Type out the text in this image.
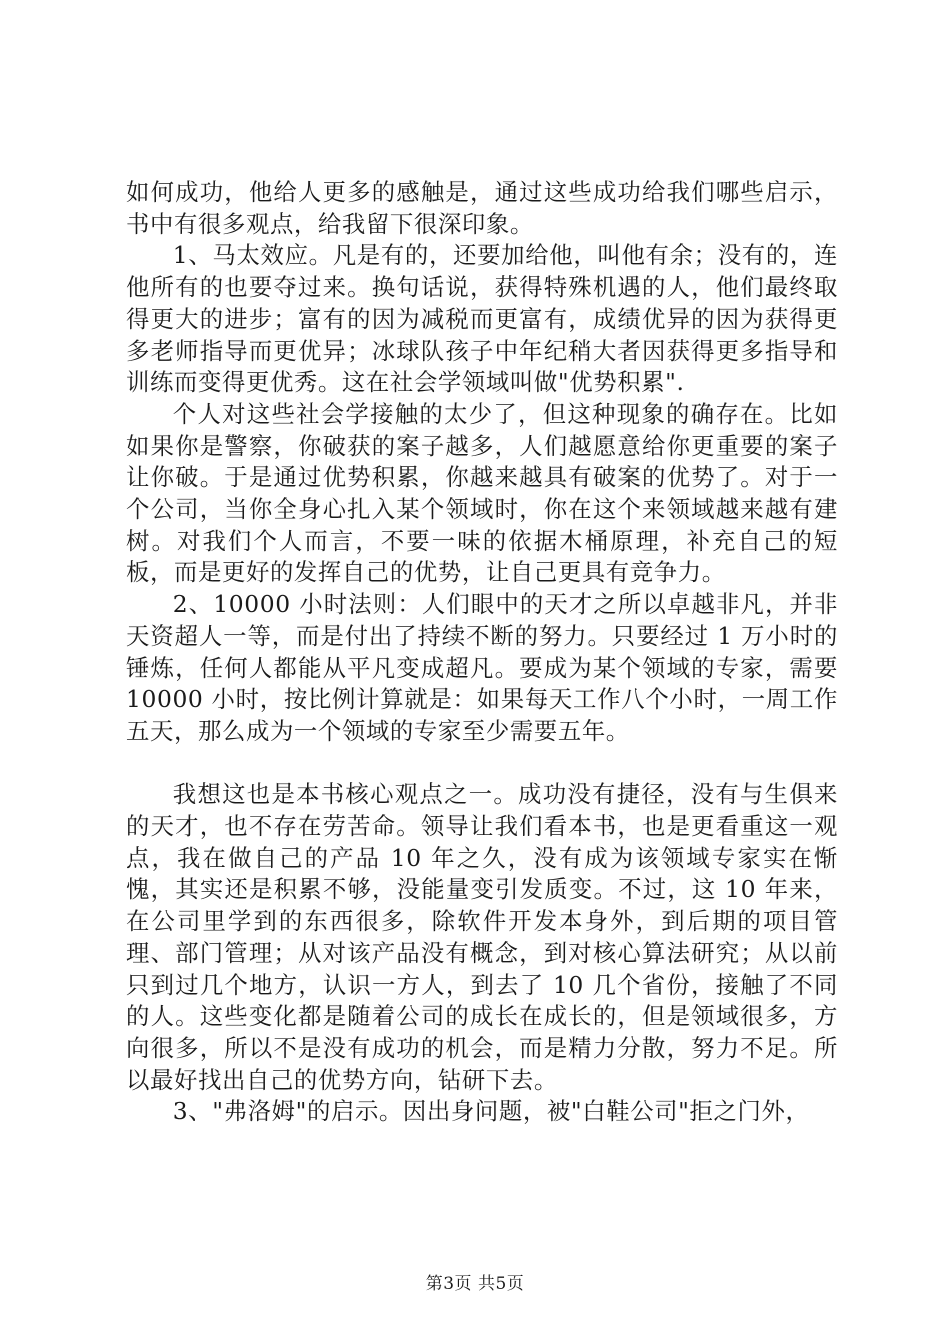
如何成功，他给人更多的感触是，通过这些成功给我们哪些启示，书中有很多观点，给我留下很深印象。

1、马太效应。凡是有的，还要加给他，叫他有余；没有的，连他所有的也要夺过来。换句话说，获得特殊机遇的人，他们最终取得更大的进步；富有的因为减税而更富有，成绩优异的因为获得更多老师指导而更优异；冰球队孩子中年纪稍大者因获得更多指导和训练而变得更优秀。这在社会学领域叫做"优势积累".

个人对这些社会学接触的太少了，但这种现象的确存在。比如如果你是警察，你破获的案子越多，人们越愿意给你更重要的案子让你破。于是通过优势积累，你越来越具有破案的优势了。对于一个公司，当你全身心扎入某个领域时，你在这个来领域越来越有建树。对我们个人而言，不要一味的依据木桶原理，补充自己的短板，而是更好的发挥自己的优势，让自己更具有竞争力。

2、10000 小时法则：人们眼中的天才之所以卓越非凡，并非天资超人一等，而是付出了持续不断的努力。只要经过 1 万小时的锤炼，任何人都能从平凡变成超凡。要成为某个领域的专家，需要 10000 小时，按比例计算就是：如果每天工作八个小时，一周工作五天，那么成为一个领域的专家至少需要五年。

我想这也是本书核心观点之一。成功没有捷径，没有与生俱来的天才，也不存在劳苦命。领导让我们看本书，也是更看重这一观点，我在做自己的产品 10 年之久，没有成为该领域专家实在惭愧，其实还是积累不够，没能量变引发质变。不过，这 10 年来，在公司里学到的东西很多，除软件开发本身外，到后期的项目管理、部门管理；从对该产品没有概念，到对核心算法研究；从以前只到过几个地方，认识一方人，到去了 10 几个省份，接触了不同的人。这些变化都是随着公司的成长在成长的，但是领域很多，方向很多，所以不是没有成功的机会，而是精力分散，努力不足。所以最好找出自己的优势方向，钻研下去。

3、"弗洛姆"的启示。因出身问题，被"白鞋公司"拒之门外，

第3页 共5页
